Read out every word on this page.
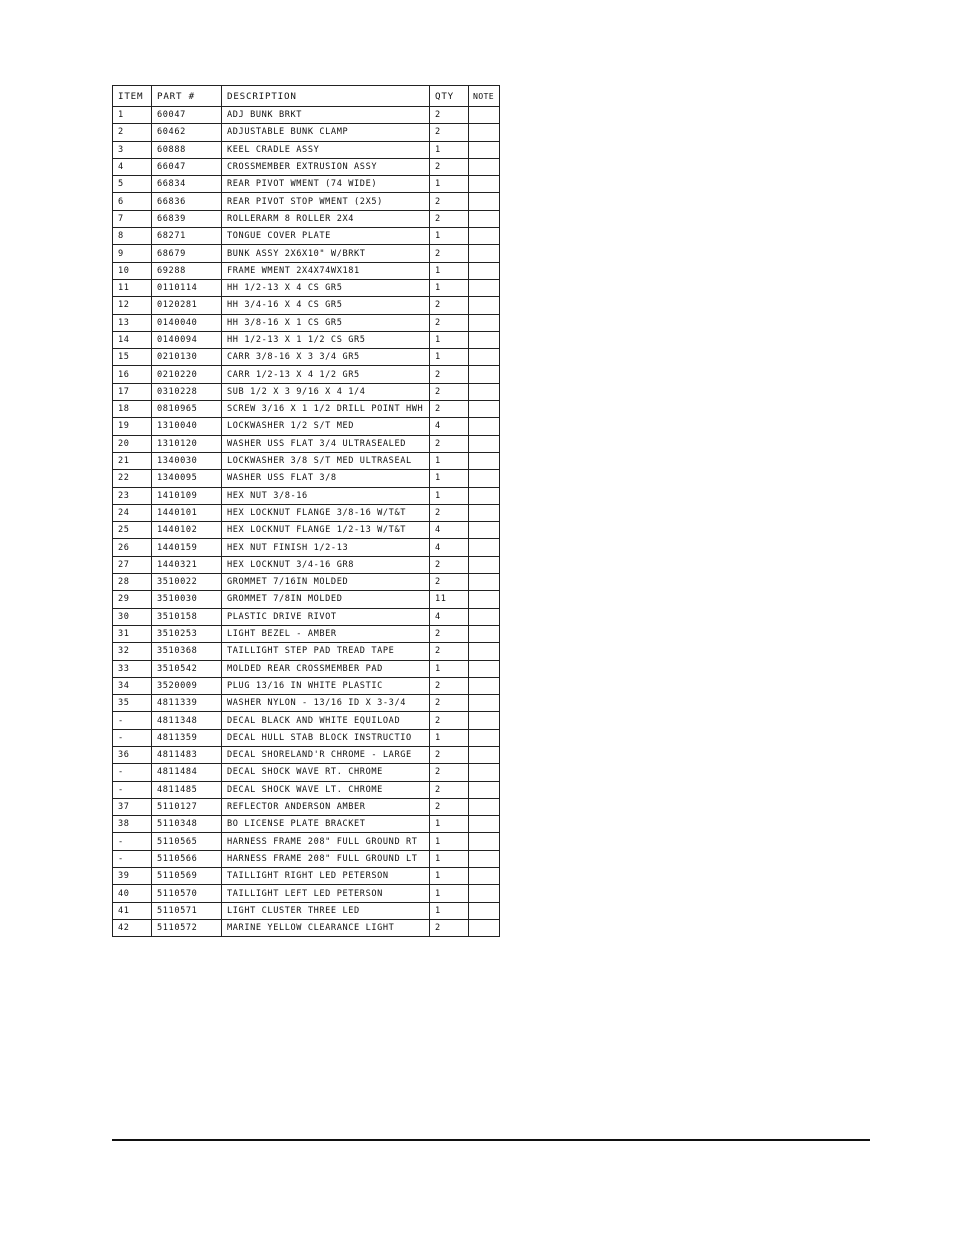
ITEM	PART #	DESCRIPTION	QTY	NOTE
1	60047	ADJ BUNK BRKT	2	
2	60462	ADJUSTABLE BUNK CLAMP	2	
3	60888	KEEL CRADLE ASSY	1	
4	66047	CROSSMEMBER EXTRUSION ASSY	2	
5	66834	REAR PIVOT WMENT (74 WIDE)	1	
6	66836	REAR PIVOT STOP WMENT (2X5)	2	
7	66839	ROLLERARM 8 ROLLER 2X4	2	
8	68271	TONGUE COVER PLATE	1	
9	68679	BUNK ASSY 2X6X10" W/BRKT	2	
10	69288	FRAME WMENT 2X4X74WX181	1	
11	0110114	HH 1/2-13 X 4 CS GR5	1	
12	0120281	HH 3/4-16 X 4 CS GR5	2	
13	0140040	HH 3/8-16 X 1 CS GR5	2	
14	0140094	HH 1/2-13 X 1 1/2 CS GR5	1	
15	0210130	CARR 3/8-16 X 3 3/4 GR5	1	
16	0210220	CARR 1/2-13 X 4 1/2 GR5	2	
17	0310228	SUB 1/2 X 3 9/16 X 4 1/4	2	
18	0810965	SCREW 3/16 X 1 1/2 DRILL POINT HWH	2	
19	1310040	LOCKWASHER 1/2 S/T MED	4	
20	1310120	WASHER USS FLAT 3/4 ULTRASEALED	2	
21	1340030	LOCKWASHER 3/8 S/T MED ULTRASEAL	1	
22	1340095	WASHER USS FLAT 3/8	1	
23	1410109	HEX NUT 3/8-16	1	
24	1440101	HEX LOCKNUT FLANGE 3/8-16 W/T&T	2	
25	1440102	HEX LOCKNUT FLANGE 1/2-13 W/T&T	4	
26	1440159	HEX NUT FINISH 1/2-13	4	
27	1440321	HEX LOCKNUT 3/4-16 GR8	2	
28	3510022	GROMMET 7/16IN MOLDED	2	
29	3510030	GROMMET 7/8IN MOLDED	11	
30	3510158	PLASTIC DRIVE RIVOT	4	
31	3510253	LIGHT BEZEL - AMBER	2	
32	3510368	TAILLIGHT STEP PAD TREAD TAPE	2	
33	3510542	MOLDED REAR CROSSMEMBER PAD	1	
34	3520009	PLUG 13/16 IN WHITE PLASTIC	2	
35	4811339	WASHER NYLON - 13/16 ID X 3-3/4	2	
-	4811348	DECAL BLACK AND WHITE EQUILOAD	2	
-	4811359	DECAL HULL STAB BLOCK INSTRUCTIO	1	
36	4811483	DECAL SHORELAND'R CHROME - LARGE	2	
-	4811484	DECAL SHOCK WAVE RT. CHROME	2	
-	4811485	DECAL SHOCK WAVE LT. CHROME	2	
37	5110127	REFLECTOR ANDERSON AMBER	2	
38	5110348	BO LICENSE PLATE BRACKET	1	
-	5110565	HARNESS FRAME 208" FULL GROUND RT	1	
-	5110566	HARNESS FRAME 208" FULL GROUND LT	1	
39	5110569	TAILLIGHT RIGHT LED PETERSON	1	
40	5110570	TAILLIGHT LEFT LED PETERSON	1	
41	5110571	LIGHT CLUSTER THREE LED	1	
42	5110572	MARINE YELLOW CLEARANCE LIGHT	2	
